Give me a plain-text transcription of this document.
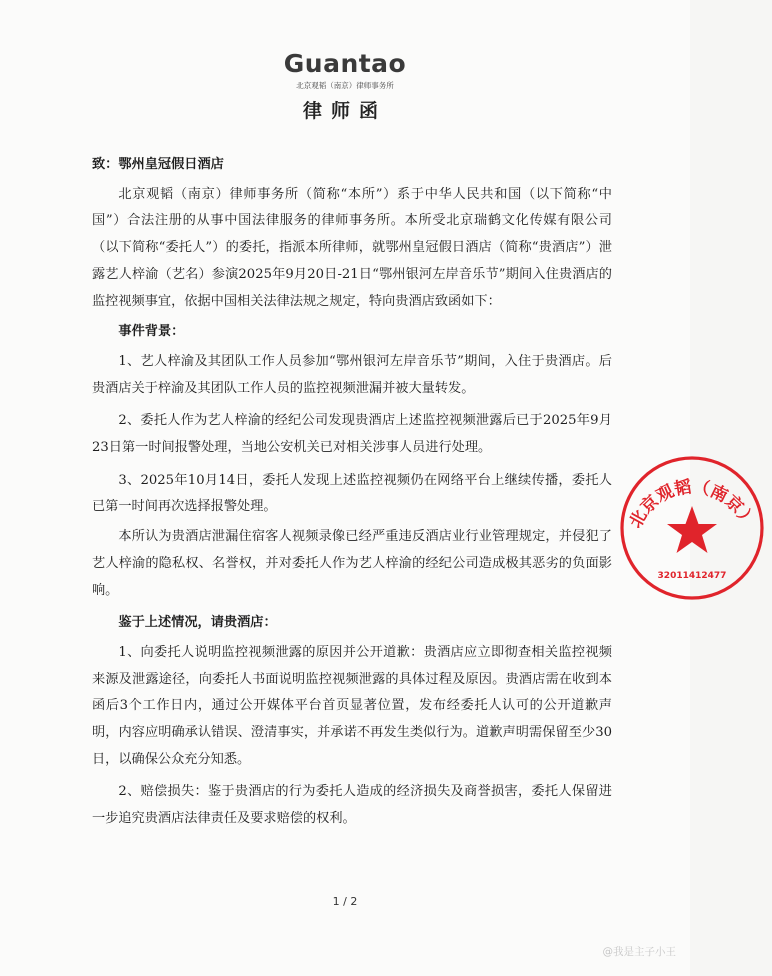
Guantao
北京观韬（南京）律师事务所
律师函

致：鄂州皇冠假日酒店

北京观韬（南京）律师事务所（简称“本所”）系于中华人民共和国（以下简称“中国”）合法注册的从事中国法律服务的律师事务所。本所受北京瑞鹤文化传媒有限公司（以下简称“委托人”）的委托，指派本所律师，就鄂州皇冠假日酒店（简称“贵酒店”）泄露艺人梓渝（艺名）参演2025年9月20日-21日“鄂州银河左岸音乐节”期间入住贵酒店的监控视频事宜，依据中国相关法律法规之规定，特向贵酒店致函如下：

事件背景：

1、艺人梓渝及其团队工作人员参加“鄂州银河左岸音乐节”期间，入住于贵酒店。后贵酒店关于梓渝及其团队工作人员的监控视频泄漏并被大量转发。

2、委托人作为艺人梓渝的经纪公司发现贵酒店上述监控视频泄露后已于2025年9月23日第一时间报警处理，当地公安机关已对相关涉事人员进行处理。

3、2025年10月14日，委托人发现上述监控视频仍在网络平台上继续传播，委托人已第一时间再次选择报警处理。

本所认为贵酒店泄漏住宿客人视频录像已经严重违反酒店业行业管理规定，并侵犯了艺人梓渝的隐私权、名誉权，并对委托人作为艺人梓渝的经纪公司造成极其恶劣的负面影响。

鉴于上述情况，请贵酒店：

1、向委托人说明监控视频泄露的原因并公开道歉：贵酒店应立即彻查相关监控视频来源及泄露途径，向委托人书面说明监控视频泄露的具体过程及原因。贵酒店需在收到本函后3个工作日内，通过公开媒体平台首页显著位置，发布经委托人认可的公开道歉声明，内容应明确承认错误、澄清事实，并承诺不再发生类似行为。道歉声明需保留至少30日，以确保公众充分知悉。

2、赔偿损失：鉴于贵酒店的行为委托人造成的经济损失及商誉损害，委托人保留进一步追究贵酒店法律责任及要求赔偿的权利。

1 / 2
北京观韬（南京）
32011412477
@我是主子小王
